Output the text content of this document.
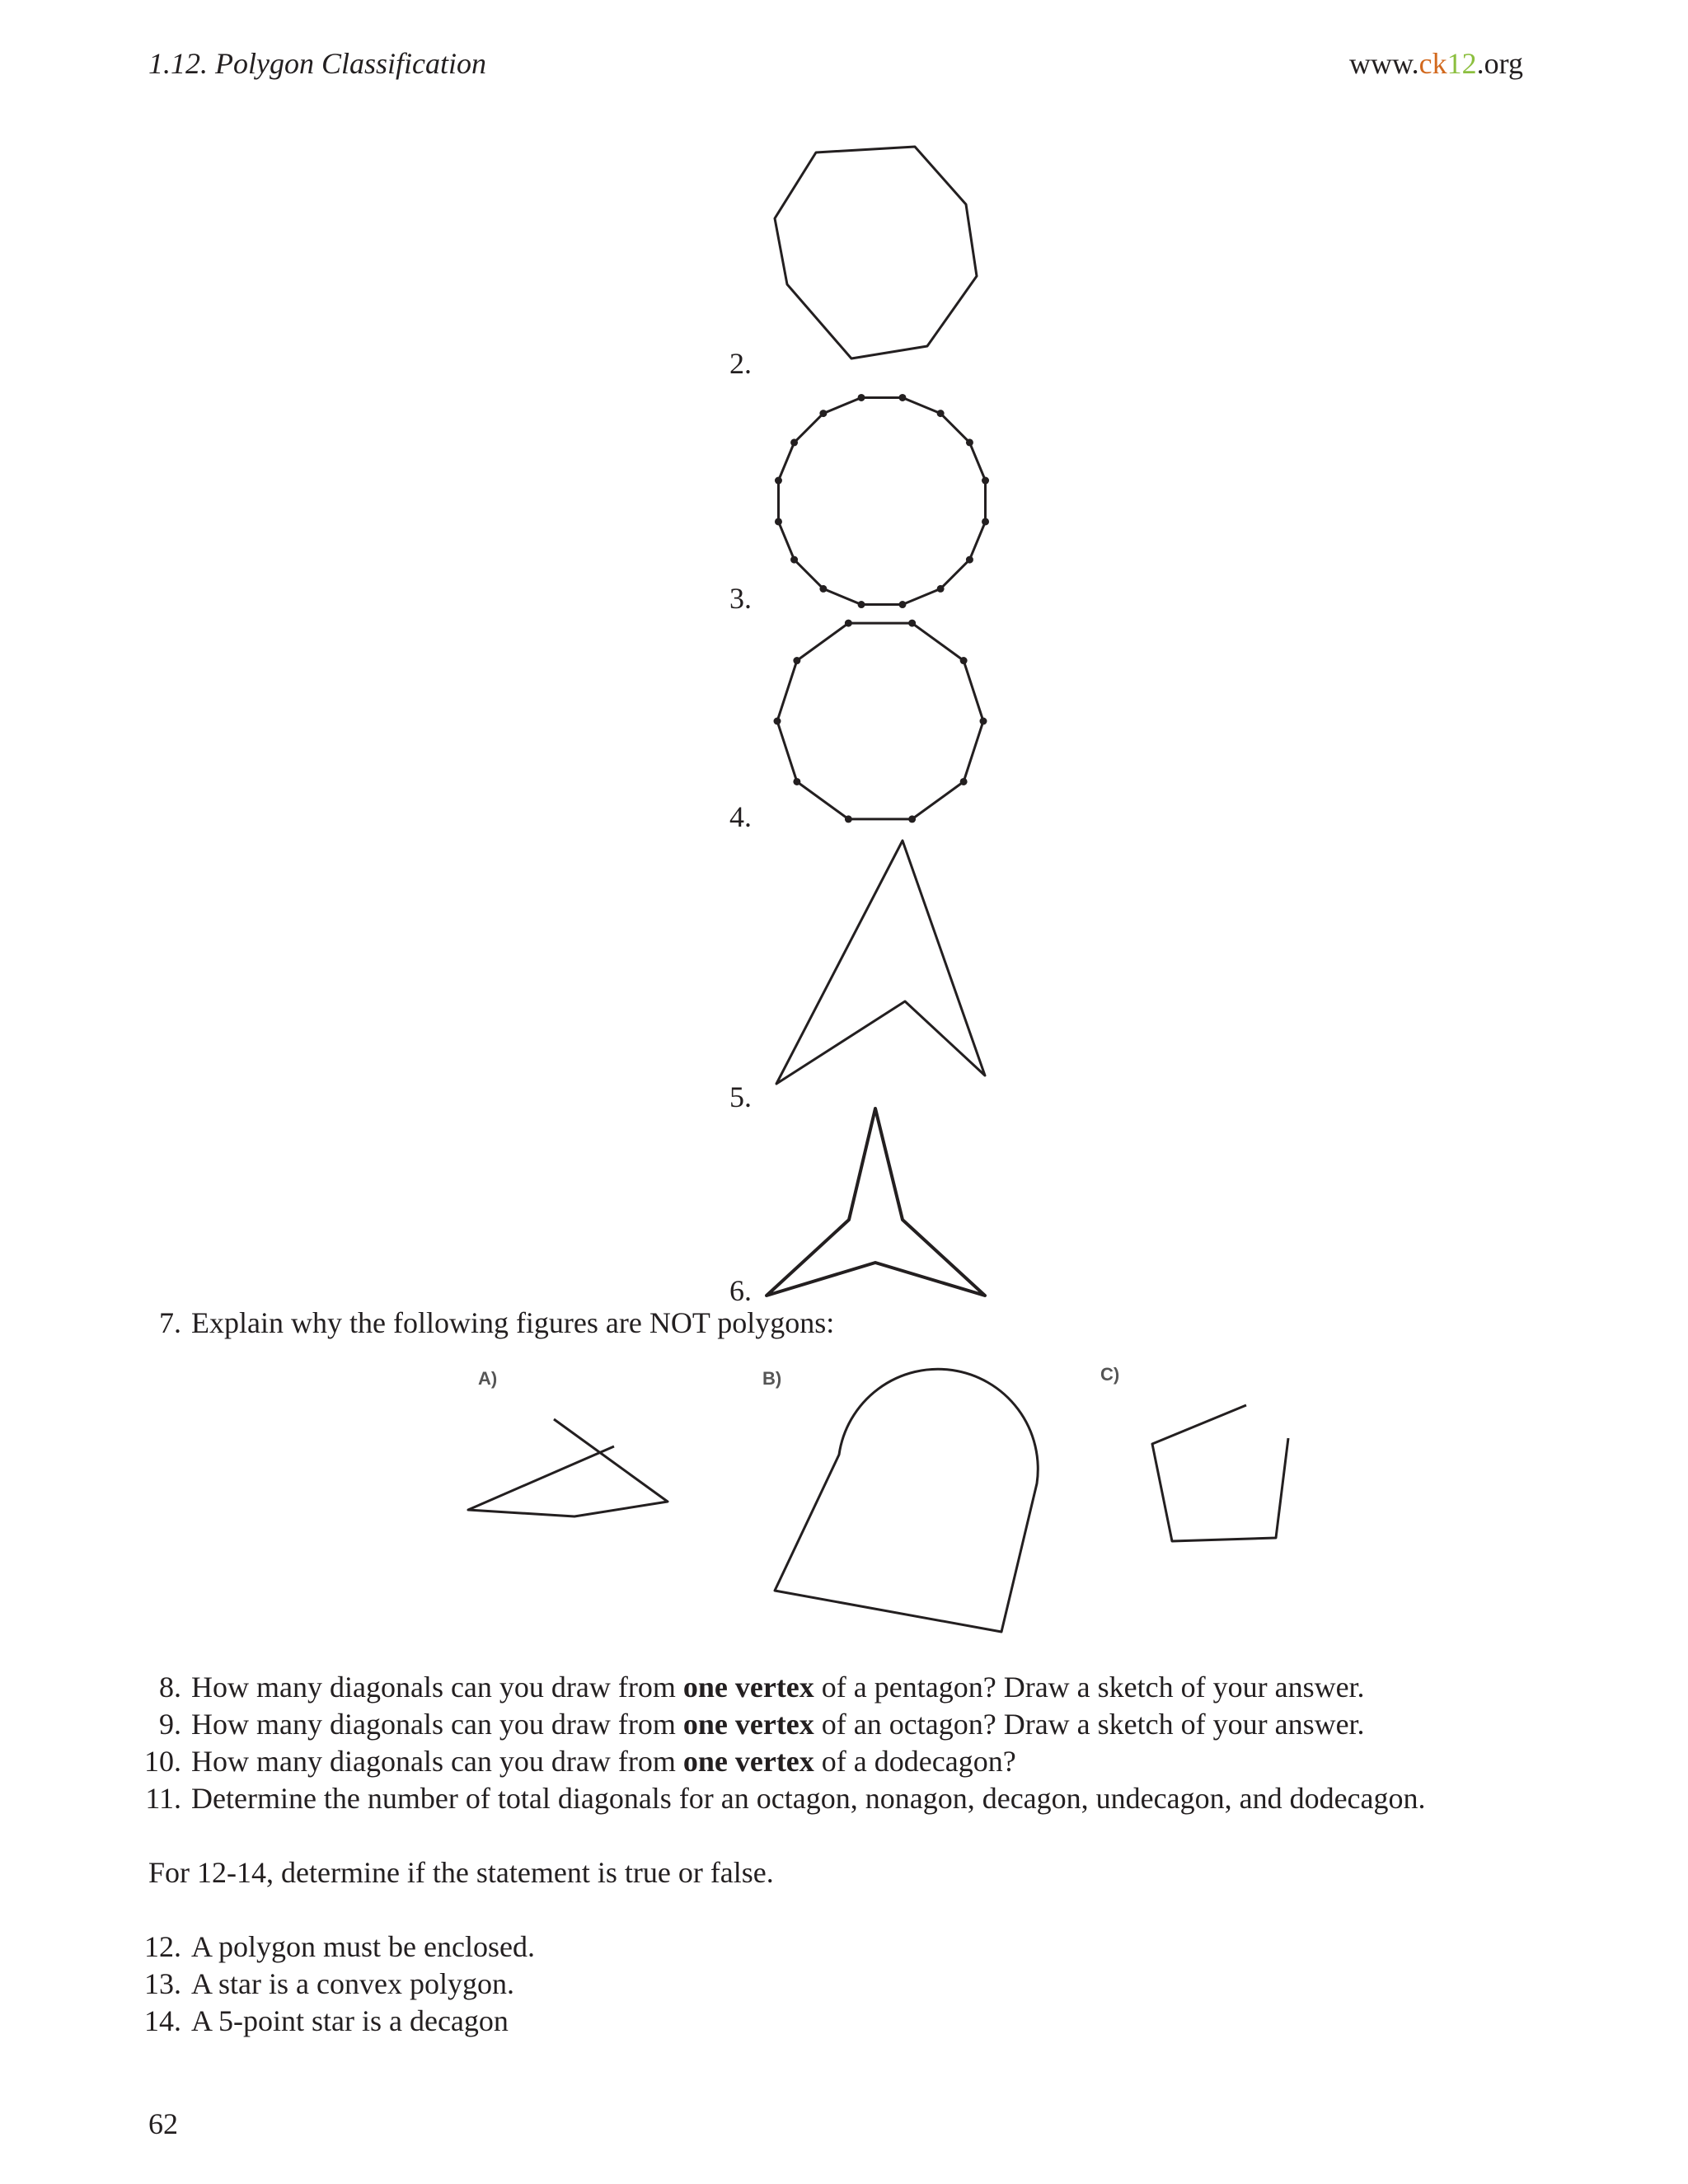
1.12. Polygon Classification	www.ck12.org
2.
3.
4.
5.
6.
7. Explain why the following figures are NOT polygons:
A)	B)	C)
8. How many diagonals can you draw from one vertex of a pentagon? Draw a sketch of your answer.
9. How many diagonals can you draw from one vertex of an octagon? Draw a sketch of your answer.
10. How many diagonals can you draw from one vertex of a dodecagon?
11. Determine the number of total diagonals for an octagon, nonagon, decagon, undecagon, and dodecagon.
For 12-14, determine if the statement is true or false.
12. A polygon must be enclosed.
13. A star is a convex polygon.
14. A 5-point star is a decagon
62
